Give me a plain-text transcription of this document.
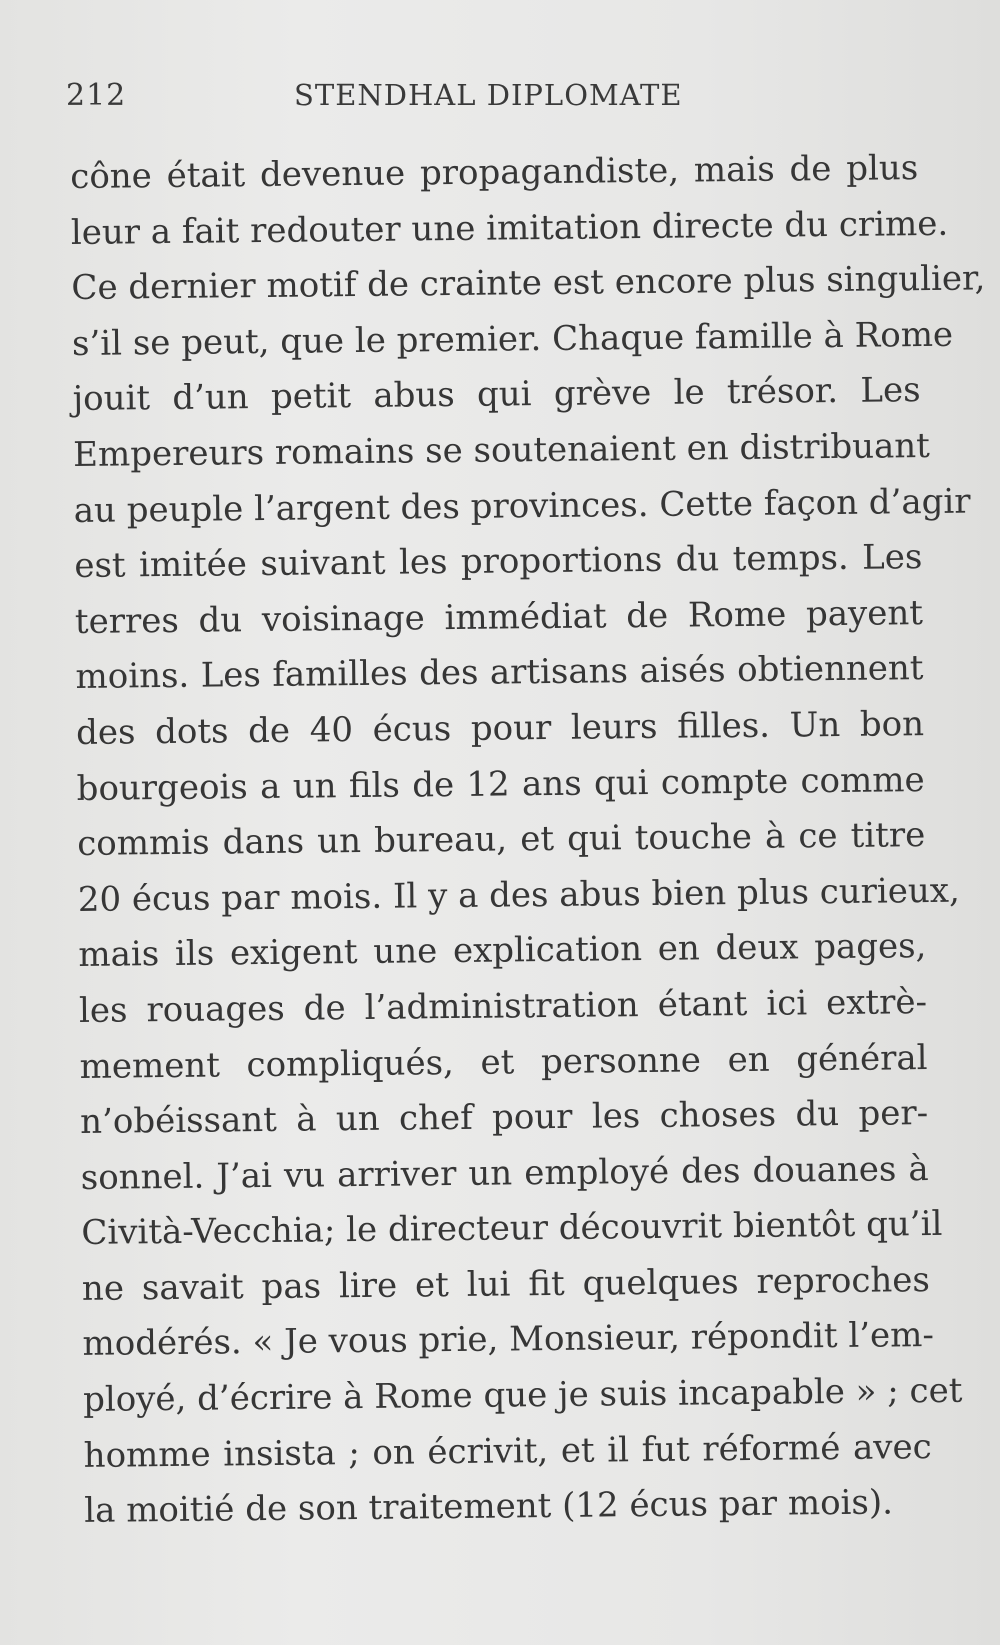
212	STENDHAL DIPLOMATE
cône était devenue propagandiste, mais de plus
leur a fait redouter une imitation directe du crime.
Ce dernier motif de crainte est encore plus singulier,
s’il se peut, que le premier. Chaque famille à Rome
jouit d’un petit abus qui grève le trésor. Les
Empereurs romains se soutenaient en distribuant
au peuple l’argent des provinces. Cette façon d’agir
est imitée suivant les proportions du temps. Les
terres du voisinage immédiat de Rome payent
moins. Les familles des artisans aisés obtiennent
des dots de 40 écus pour leurs filles. Un bon
bourgeois a un fils de 12 ans qui compte comme
commis dans un bureau, et qui touche à ce titre
20 écus par mois. Il y a des abus bien plus curieux,
mais ils exigent une explication en deux pages,
les rouages de l’administration étant ici extrè-
mement compliqués, et personne en général
n’obéissant à un chef pour les choses du per-
sonnel. J’ai vu arriver un employé des douanes à
Cività-Vecchia; le directeur découvrit bientôt qu’il
ne savait pas lire et lui fit quelques reproches
modérés. « Je vous prie, Monsieur, répondit l’em-
ployé, d’écrire à Rome que je suis incapable » ; cet
homme insista ; on écrivit, et il fut réformé avec
la moitié de son traitement (12 écus par mois).
